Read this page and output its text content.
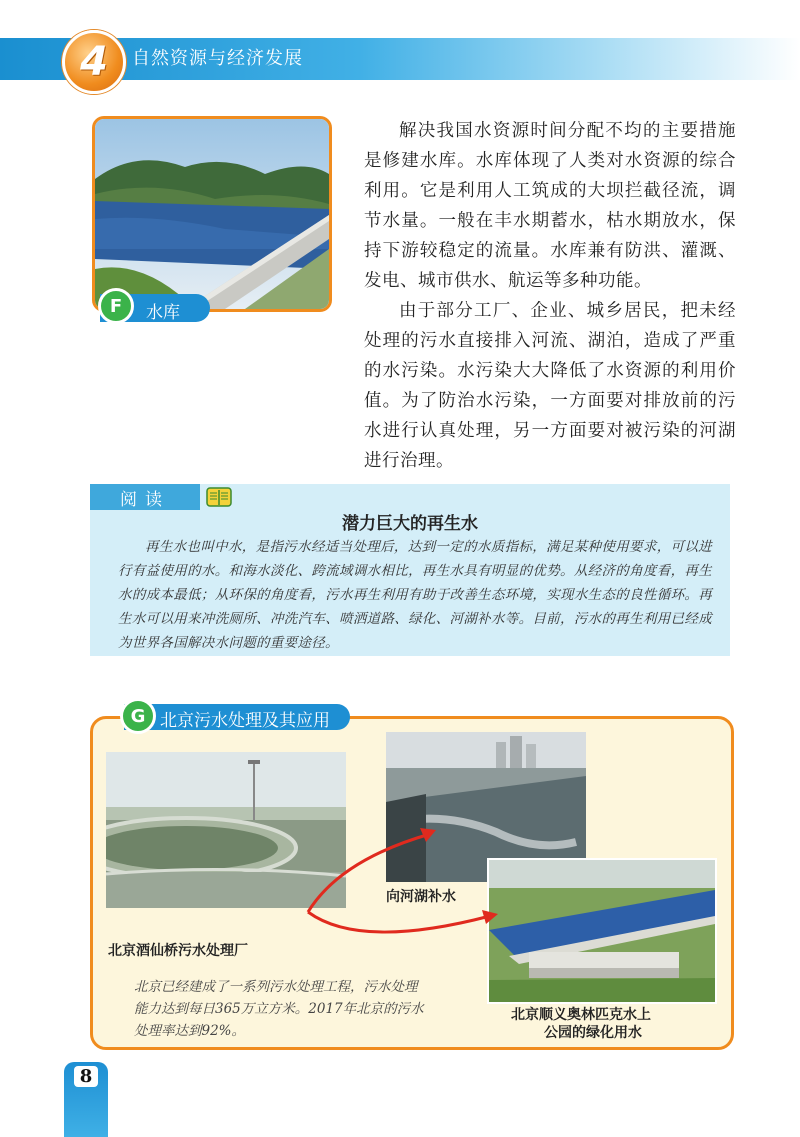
4 自然资源与经济发展
F	水库

解决我国水资源时间分配不均的主要措施是修建水库。水库体现了人类对水资源的综合利用。它是利用人工筑成的大坝拦截径流，调节水量。一般在丰水期蓄水，枯水期放水，保持下游较稳定的流量。水库兼有防洪、灌溉、发电、城市供水、航运等多种功能。

由于部分工厂、企业、城乡居民，把未经处理的污水直接排入河流、湖泊，造成了严重的水污染。水污染大大降低了水资源的利用价值。为了防治水污染，一方面要对排放前的污水进行认真处理，另一方面要对被污染的河湖进行治理。

阅读
潜力巨大的再生水

再生水也叫中水，是指污水经适当处理后，达到一定的水质指标，满足某种使用要求，可以进行有益使用的水。和海水淡化、跨流域调水相比，再生水具有明显的优势。从经济的角度看，再生水的成本最低；从环保的角度看，污水再生利用有助于改善生态环境，实现水生态的良性循环。再生水可以用来冲洗厕所、冲洗汽车、喷洒道路、绿化、河湖补水等。目前，污水的再生利用已经成为世界各国解决水问题的重要途径。

G 北京污水处理及其应用
北京酒仙桥污水处理厂
向河湖补水
北京顺义奥林匹克水上
公园的绿化用水

北京已经建成了一系列污水处理工程，污水处理能力达到每日365万立方米。2017年北京的污水处理率达到92%。

8
